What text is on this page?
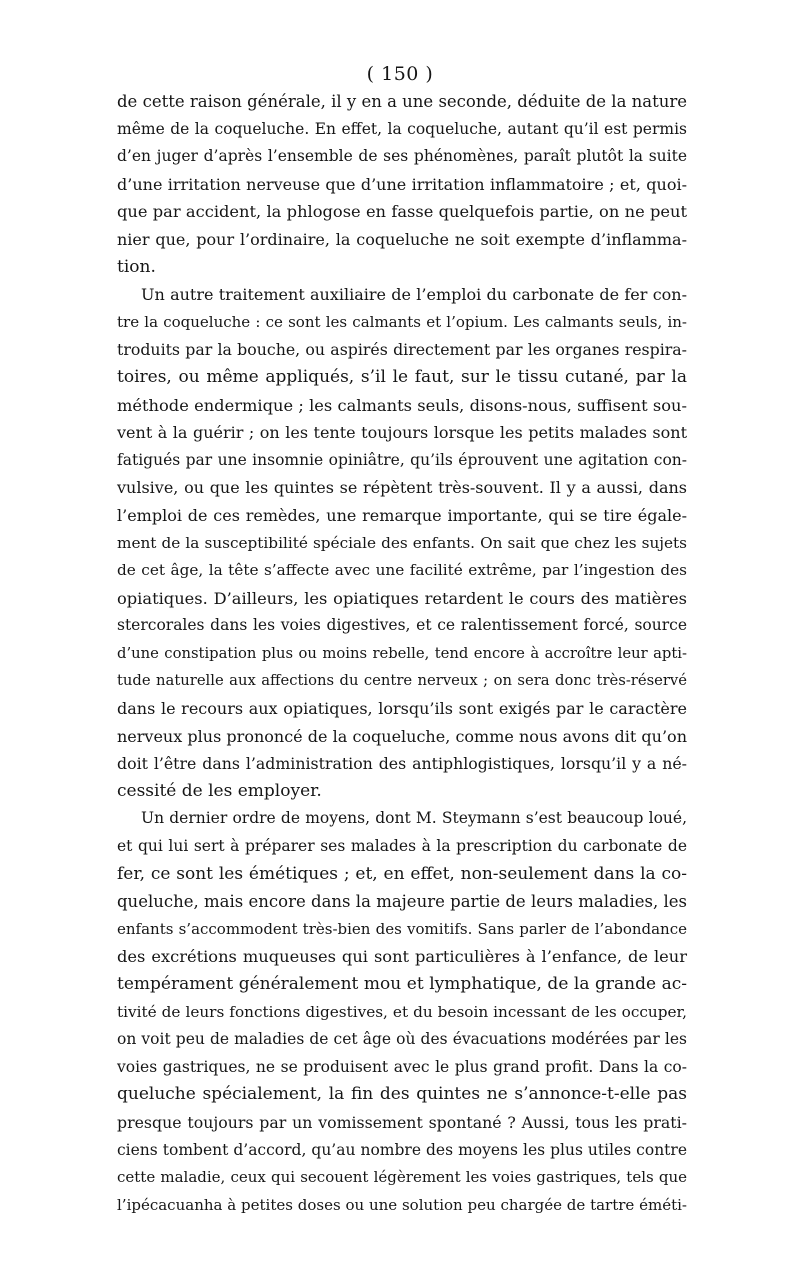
( 150 )
de cette raison générale, il y en a une seconde, déduite de la nature
même de la coqueluche. En effet, la coqueluche, autant qu’il est permis
d’en juger d’après l’ensemble de ses phénomènes, paraît plutôt la suite
d’une irritation nerveuse que d’une irritation inflammatoire ; et, quoi-
que par accident, la phlogose en fasse quelquefois partie, on ne peut
nier que, pour l’ordinaire, la coqueluche ne soit exempte d’inflamma-
tion.
Un autre traitement auxiliaire de l’emploi du carbonate de fer con-
tre la coqueluche : ce sont les calmants et l’opium. Les calmants seuls, in-
troduits par la bouche, ou aspirés directement par les organes respira-
toires, ou même appliqués, s’il le faut, sur le tissu cutané, par la
méthode endermique ; les calmants seuls, disons-nous, suffisent sou-
vent à la guérir ; on les tente toujours lorsque les petits malades sont
fatigués par une insomnie opiniâtre, qu’ils éprouvent une agitation con-
vulsive, ou que les quintes se répètent très-souvent. Il y a aussi, dans
l’emploi de ces remèdes, une remarque importante, qui se tire égale-
ment de la susceptibilité spéciale des enfants. On sait que chez les sujets
de cet âge, la tête s’affecte avec une facilité extrême, par l’ingestion des
opiatiques. D’ailleurs, les opiatiques retardent le cours des matières
stercorales dans les voies digestives, et ce ralentissement forcé, source
d’une constipation plus ou moins rebelle, tend encore à accroître leur apti-
tude naturelle aux affections du centre nerveux ; on sera donc très-réservé
dans le recours aux opiatiques, lorsqu’ils sont exigés par le caractère
nerveux plus prononcé de la coqueluche, comme nous avons dit qu’on
doit l’être dans l’administration des antiphlogistiques, lorsqu’il y a né-
cessité de les employer.
Un dernier ordre de moyens, dont M. Steymann s’est beaucoup loué,
et qui lui sert à préparer ses malades à la prescription du carbonate de
fer, ce sont les émétiques ; et, en effet, non-seulement dans la co-
queluche, mais encore dans la majeure partie de leurs maladies, les
enfants s’accommodent très-bien des vomitifs. Sans parler de l’abondance
des excrétions muqueuses qui sont particulières à l’enfance, de leur
tempérament généralement mou et lymphatique, de la grande ac-
tivité de leurs fonctions digestives, et du besoin incessant de les occuper,
on voit peu de maladies de cet âge où des évacuations modérées par les
voies gastriques, ne se produisent avec le plus grand profit. Dans la co-
queluche spécialement, la fin des quintes ne s’annonce-t-elle pas
presque toujours par un vomissement spontané ? Aussi, tous les prati-
ciens tombent d’accord, qu’au nombre des moyens les plus utiles contre
cette maladie, ceux qui secouent légèrement les voies gastriques, tels que
l’ipécacuanha à petites doses ou une solution peu chargée de tartre éméti-
